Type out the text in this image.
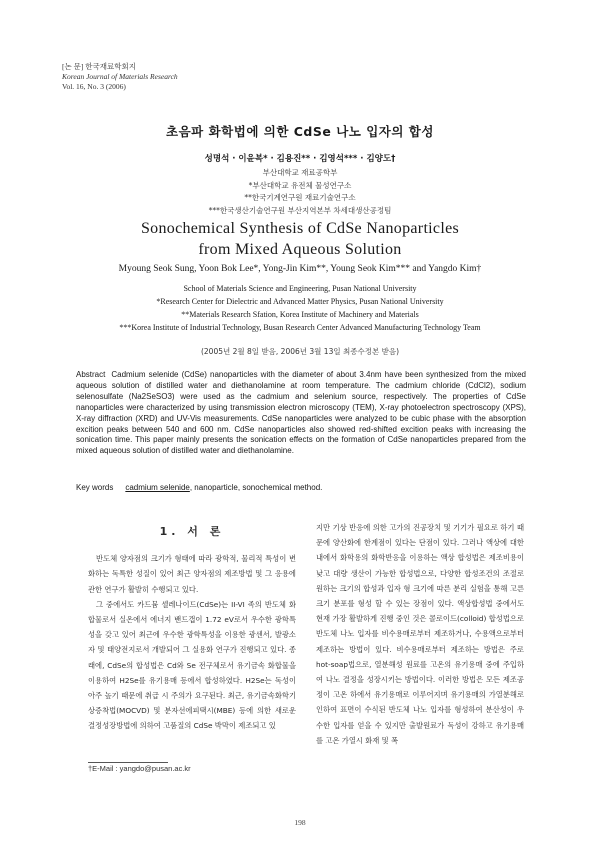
[논 문] 한국재료학회지
Korean Journal of Materials Research
Vol. 16, No. 3 (2006)
초음파 화학법에 의한 CdSe 나노 입자의 합성
성명석 · 이윤복* · 김용진** · 김영석*** · 김양도†
부산대학교 재료공학부
*부산대학교 유전체 물성연구소
**한국기계연구원 재료기술연구소
***한국생산기술연구원 부산지역본부 차세대생산공정팀
Sonochemical Synthesis of CdSe Nanoparticles
from Mixed Aqueous Solution
Myoung Seok Sung, Yoon Bok Lee*, Yong-Jin Kim**, Young Seok Kim*** and Yangdo Kim†
School of Materials Science and Engineering, Pusan National University
*Research Center for Dielectric and Advanced Matter Physics, Pusan National University
**Materials Research Sfation, Korea Institute of Machinery and Materials
***Korea Institute of Industrial Technology, Busan Research Center Advanced Manufacturing Technology Team
(2005년 2월 8일 받음, 2006년 3월 13일 최종수정본 받음)
Abstract Cadmium selenide (CdSe) nanoparticles with the diameter of about 3.4nm have been synthesized from the mixed aqueous solution of distilled water and diethanolamine at room temperature. The cadmium chloride (CdCl2), sodium selenosulfate (Na2SeSO3) were used as the cadmium and selenium source, respectively. The properties of CdSe nanoparticles were characterized by using transmission electron microscopy (TEM), X-ray photoelectron spectroscopy (XPS), X-ray diffraction (XRD) and UV-Vis measurements. CdSe nanoparticles were analyzed to be cubic phase with the absorption excition peaks between 540 and 600 nm. CdSe nanoparticles also showed red-shifted excition peaks with increasing the sonication time. This paper mainly presents the sonication effects on the formation of CdSe nanoparticles prepared from the mixed aqueous solution of distilled water and diethanolamine.
Key words cadmium selenide, nanoparticle, sonochemical method.
1. 서 론

반도체 양자점의 크기가 형태에 따라 광학적, 물리적 특성이 변화하는 독특한 성질이 있어 최근 양자점의 제조방법 및 그 응용에 관한 연구가 활발히 수행되고 있다.

그 중에서도 카드뮴 셀레나이드(CdSe)는 II-VI 족의 반도체 화합물로서 실온에서 에너지 밴드갭이 1.72 eV로서 우수한 광학특성을 갖고 있어 최근에 우수한 광학특성을 이용한 광센서, 발광소자 및 태양전지로서 개발되어 그 실용화 연구가 진행되고 있다. 종래에, CdSe의 합성법은 Cd와 Se 전구체로서 유기금속 화합물을 이용하여 H2Se를 유기용매 등에서 합성하였다. H2Se는 독성이 아주 높기 때문에 취급 시 주의가 요구된다. 최근, 유기금속화학기상증착법(MOCVD) 및 분자선에피택시(MBE) 등에 의한 새로운 결정성장방법에 의하여 고품질의 CdSe 박막이 제조되고 있

지만 기상 반응에 의한 고가의 진공장치 및 기기가 필요로 하기 때문에 양산화에 한계점이 있다는 단점이 있다. 그러나 액상에 대한 내에서 화학용의 화학반응을 이용하는 액상 합성법은 제조비용이 낮고 대량 생산이 가능한 합성법으로, 다양한 합성조건의 조절로 원하는 크기의 합성과 입자 형 크기에 따른 분리 실험을 통해 고른 크기 분포를 형성 할 수 있는 장점이 있다. 액상합성법 중에서도 현재 가장 활발하게 진행 중인 것은 콜로이드(colloid) 합성법으로 반도체 나노 입자를 비수용매로부터 제조하거나, 수용액으로부터 제조하는 방법이 있다. 비수용매로부터 제조하는 방법은 주로 hot-soap법으로, 열분해성 원료를 고온의 유기용매 중에 주입하여 나노 결정을 성장시키는 방법이다. 이러한 방법은 모든 제조공정이 고온 하에서 유기용매로 이루어지며 유기용매의 가열분해로 인하여 표면이 수식된 반도체 나노 입자를 형성하여 분산성이 우수한 입자를 얻을 수 있지만 출발원료가 독성이 강하고 유기용매를 고온 가열시 화재 및 폭

†E-Mail : yangdo@pusan.ac.kr
198
